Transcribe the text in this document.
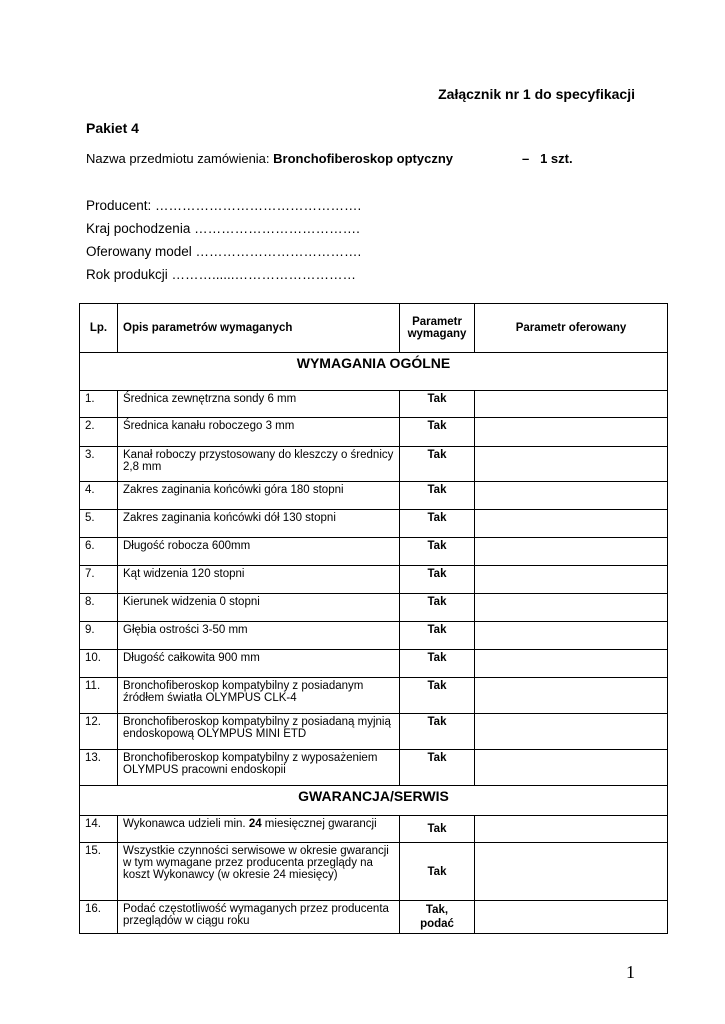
Załącznik nr 1 do specyfikacji
Pakiet 4
Nazwa przedmiotu zamówienia: Bronchofiberoskop optyczny	–   1 szt.
Producent: ……………………………………….
Kraj pochodzenia ……………………………….
Oferowany model ……………………………….
Rok produkcji ………......………………………
Lp.	Opis parametrów wymaganych	Parametr wymagany	Parametr oferowany
WYMAGANIA OGÓLNE			
1.	Średnica zewnętrzna sondy 6 mm	Tak	
2.	Średnica kanału roboczego 3 mm	Tak	
3.	Kanał roboczy przystosowany do kleszczy o średnicy 2,8 mm	Tak	
4.	Zakres zaginania końcówki góra 180 stopni	Tak	
5.	Zakres zaginania końcówki dół 130 stopni	Tak	
6.	Długość robocza 600mm	Tak	
7.	Kąt widzenia 120 stopni	Tak	
8.	Kierunek widzenia 0 stopni	Tak	
9.	Głębia ostrości 3-50 mm	Tak	
10.	Długość całkowita 900 mm	Tak	
11.	Bronchofiberoskop kompatybilny z posiadanym źródłem światła OLYMPUS CLK-4	Tak	
12.	Bronchofiberoskop kompatybilny z posiadaną myjnią endoskopową OLYMPUS MINI ETD	Tak	
13.	Bronchofiberoskop kompatybilny z wyposażeniem OLYMPUS pracowni endoskopii	Tak	
GWARANCJA/SERWIS			
14.	Wykonawca udzieli min. 24 miesięcznej gwarancji	Tak	
15.	Wszystkie czynności serwisowe w okresie gwarancji w tym wymagane przez producenta przeglądy na koszt Wykonawcy (w okresie 24 miesięcy)	Tak	
16.	Podać częstotliwość wymaganych przez producenta przeglądów w ciągu roku	Tak,
podać	

1
